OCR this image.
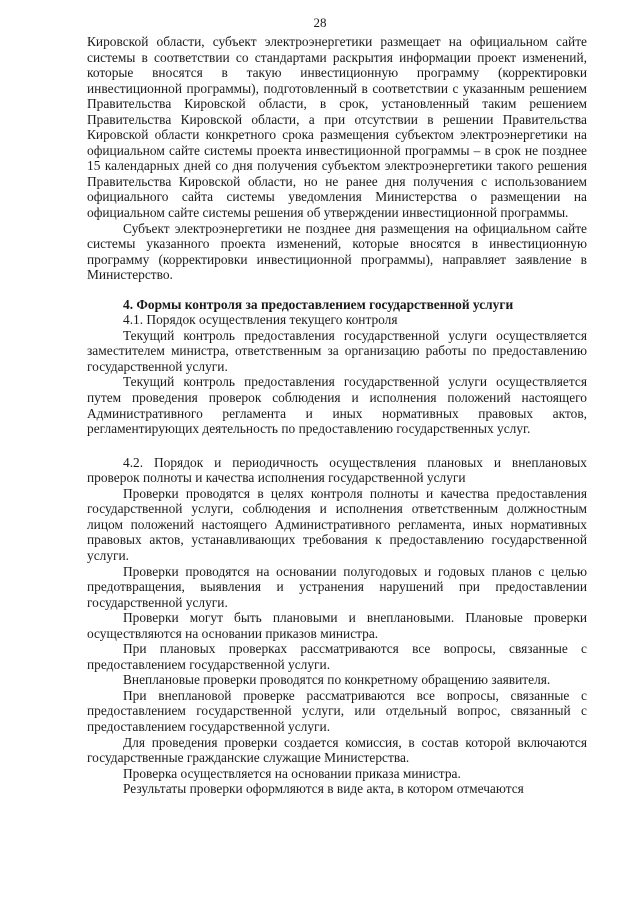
28

Кировской области, субъект электроэнергетики размещает на официальном сайте системы в соответствии со стандартами раскрытия информации проект изменений, которые вносятся в такую инвестиционную программу (корректировки инвестиционной программы), подготовленный в соответствии с указанным решением Правительства Кировской области, в срок, установленный таким решением Правительства Кировской области, а при отсутствии в решении Правительства Кировской области конкретного срока размещения субъектом электроэнергетики на официальном сайте системы проекта инвестиционной программы – в срок не позднее 15 календарных дней со дня получения субъектом электроэнергетики такого решения Правительства Кировской области, но не ранее дня получения с использованием официального сайта системы уведомления Министерства о размещении на официальном сайте системы решения об утверждении инвестиционной программы.

Субъект электроэнергетики не позднее дня размещения на официальном сайте системы указанного проекта изменений, которые вносятся в инвестиционную программу (корректировки инвестиционной программы), направляет заявление в Министерство.

4. Формы контроля за предоставлением государственной услуги

4.1. Порядок осуществления текущего контроля

Текущий контроль предоставления государственной услуги осуществляется заместителем министра, ответственным за организацию работы по предоставлению государственной услуги.

Текущий контроль предоставления государственной услуги осуществляется путем проведения проверок соблюдения и исполнения положений настоящего Административного регламента и иных нормативных правовых актов, регламентирующих деятельность по предоставлению государственных услуг.

4.2. Порядок и периодичность осуществления плановых и внеплановых проверок полноты и качества исполнения государственной услуги

Проверки проводятся в целях контроля полноты и качества предоставления государственной услуги, соблюдения и исполнения ответственным должностным лицом положений настоящего Административного регламента, иных нормативных правовых актов, устанавливающих требования к предоставлению государственной услуги.

Проверки проводятся на основании полугодовых и годовых планов с целью предотвращения, выявления и устранения нарушений при предоставлении государственной услуги.

Проверки могут быть плановыми и внеплановыми. Плановые проверки осуществляются на основании приказов министра.

При плановых проверках рассматриваются все вопросы, связанные с предоставлением государственной услуги.

Внеплановые проверки проводятся по конкретному обращению заявителя.

При внеплановой проверке рассматриваются все вопросы, связанные с предоставлением государственной услуги, или отдельный вопрос, связанный с предоставлением государственной услуги.

Для проведения проверки создается комиссия, в состав которой включаются государственные гражданские служащие Министерства.

Проверка осуществляется на основании приказа министра.

Результаты проверки оформляются в виде акта, в котором отмечаются
